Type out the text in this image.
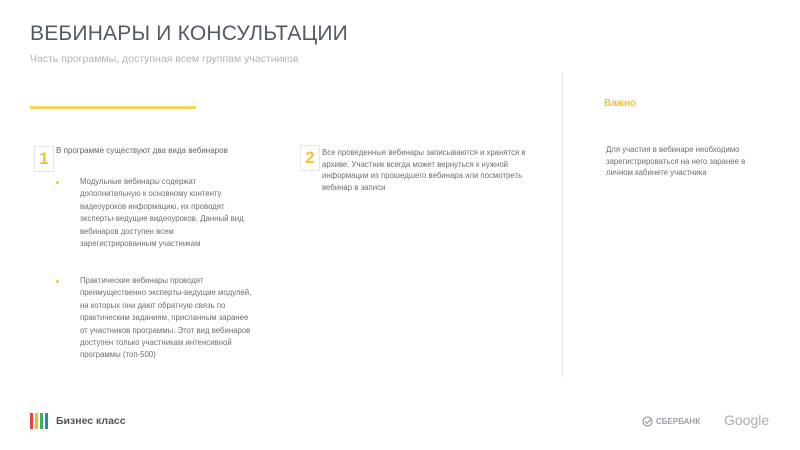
ВЕБИНАРЫ И КОНСУЛЬТАЦИИ
Часть программы, доступная всем группам участников
1 В программе существуют два вида вебинаров
Модульные вебинары содержат дополнительную к основному контенту видеоуроков информацию, их проводят эксперты-ведущие видеоуроков. Данный вид вебинаров доступен всем зарегистрированным участникам
Практические вебинары проводят преимущественно эксперты-ведущие модулей, на которых они дают обратную связь по практическим заданиям, присланным заранее от участников программы. Этот вид вебинаров доступен только участникам интенсивной программы (топ-500)
2 Все проведенные вебинары записываются и хранятся в архиве. Участник всегда может вернуться к нужной информации из прошедшего вебинара или посмотреть вебинар в записи
Важно
Для участия в вебинаре необходимо зарегистрироваться на него заранее в личном кабинете участника
Бизнес класс	СБЕРБАНК Google
